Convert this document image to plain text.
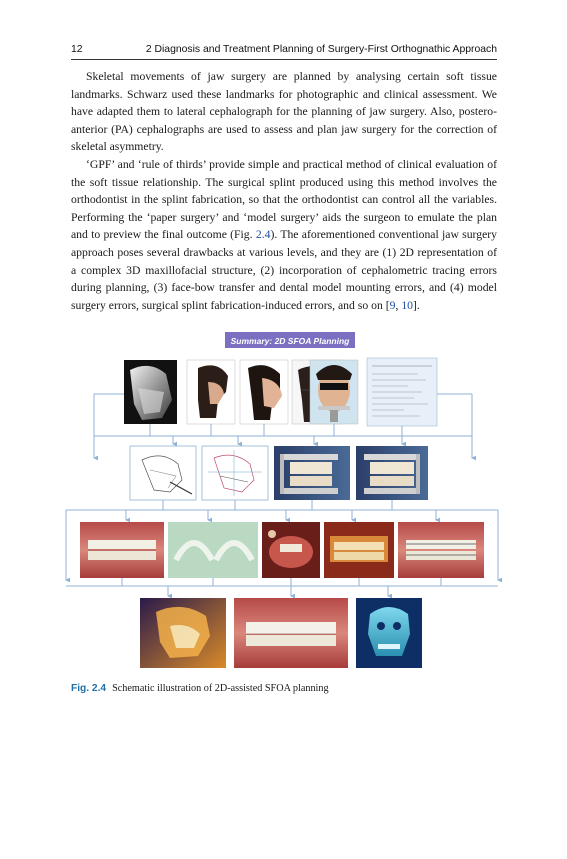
12	2 Diagnosis and Treatment Planning of Surgery-First Orthognathic Approach

Skeletal movements of jaw surgery are planned by analysing certain soft tissue landmarks. Schwarz used these landmarks for photographic and clinical assessment. We have adapted them to lateral cephalograph for the planning of jaw surgery. Also, postero-anterior (PA) cephalographs are used to assess and plan jaw surgery for the correction of skeletal asymmetry.

‘GPF’ and ‘rule of thirds’ provide simple and practical method of clinical evaluation of the soft tissue relationship. The surgical splint produced using this method involves the orthodontist in the splint fabrication, so that the orthodontist can control all the variables. Performing the ‘paper surgery’ and ‘model surgery’ aids the surgeon to emulate the plan and to preview the final outcome (Fig. 2.4). The aforementioned conventional jaw surgery approach poses several drawbacks at various levels, and they are (1) 2D representation of a complex 3D maxillofacial structure, (2) incorporation of cephalometric tracing errors during planning, (3) face-bow transfer and dental model mounting errors, and (4) model surgery errors, surgical splint fabrication-induced errors, and so on [9, 10].

Summary: 2D SFOA Planning
Fig. 2.4 Schematic illustration of 2D-assisted SFOA planning
